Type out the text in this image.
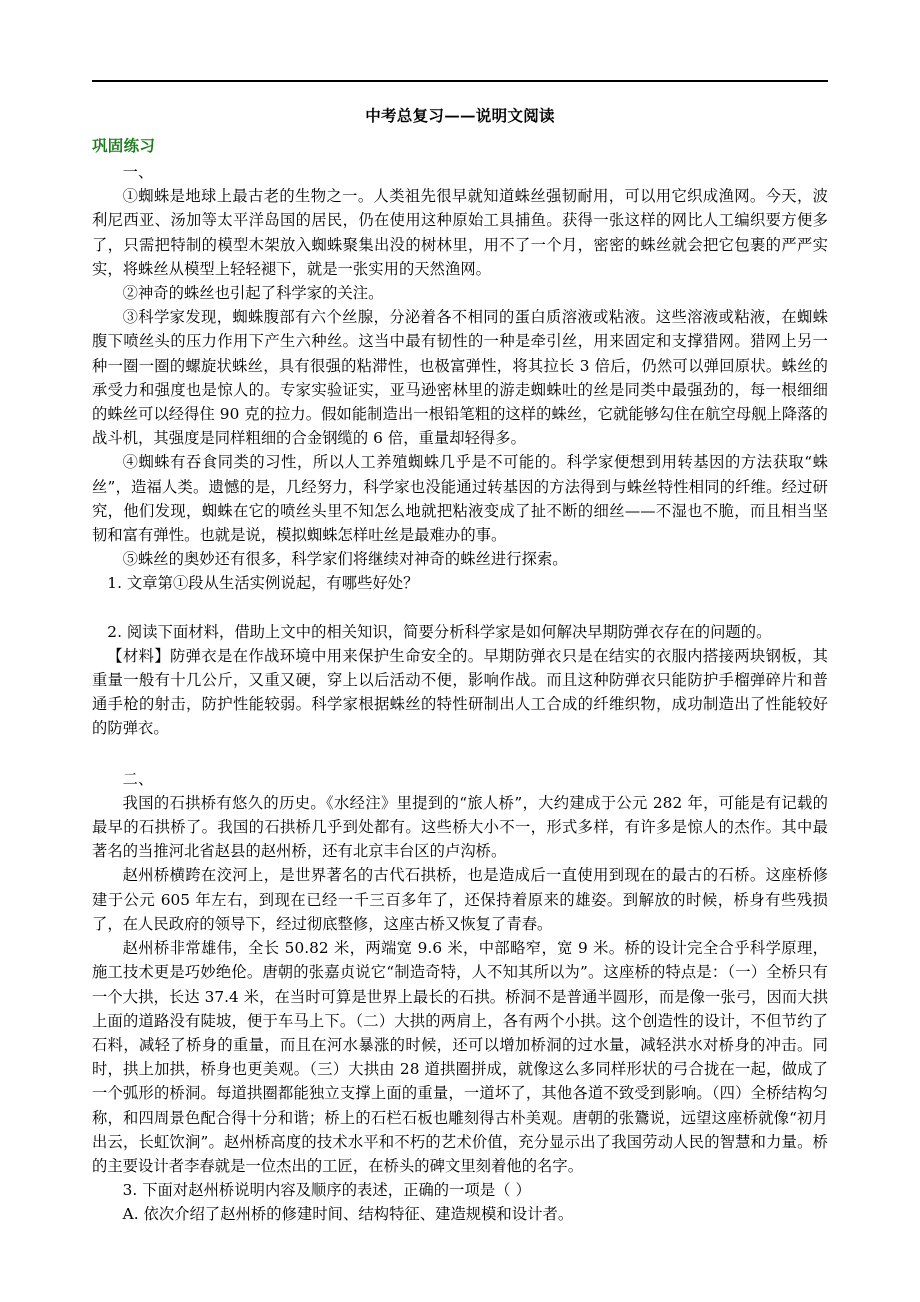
中考总复习——说明文阅读
巩固练习

一、

①蜘蛛是地球上最古老的生物之一。人类祖先很早就知道蛛丝强韧耐用，可以用它织成渔网。今天，波利尼西亚、汤加等太平洋岛国的居民，仍在使用这种原始工具捕鱼。获得一张这样的网比人工编织要方便多了，只需把特制的模型木架放入蜘蛛聚集出没的树林里，用不了一个月，密密的蛛丝就会把它包裹的严严实实，将蛛丝从模型上轻轻褪下，就是一张实用的天然渔网。

②神奇的蛛丝也引起了科学家的关注。

③科学家发现，蜘蛛腹部有六个丝腺，分泌着各不相同的蛋白质溶液或粘液。这些溶液或粘液，在蜘蛛腹下喷丝头的压力作用下产生六种丝。这当中最有韧性的一种是牵引丝，用来固定和支撑猎网。猎网上另一种一圈一圈的螺旋状蛛丝，具有很强的粘滞性，也极富弹性，将其拉长 3 倍后，仍然可以弹回原状。蛛丝的承受力和强度也是惊人的。专家实验证实，亚马逊密林里的游走蜘蛛吐的丝是同类中最强劲的，每一根细细的蛛丝可以经得住 90 克的拉力。假如能制造出一根铅笔粗的这样的蛛丝，它就能够勾住在航空母舰上降落的战斗机，其强度是同样粗细的合金钢缆的 6 倍，重量却轻得多。

④蜘蛛有吞食同类的习性，所以人工养殖蜘蛛几乎是不可能的。科学家便想到用转基因的方法获取“蛛丝”，造福人类。遗憾的是，几经努力，科学家也没能通过转基因的方法得到与蛛丝特性相同的纤维。经过研究，他们发现，蜘蛛在它的喷丝头里不知怎么地就把粘液变成了扯不断的细丝——不湿也不脆，而且相当坚韧和富有弹性。也就是说，模拟蜘蛛怎样吐丝是最难办的事。

⑤蛛丝的奥妙还有很多，科学家们将继续对神奇的蛛丝进行探索。

1. 文章第①段从生活实例说起，有哪些好处？

2. 阅读下面材料，借助上文中的相关知识，简要分析科学家是如何解决早期防弹衣存在的问题的。

【材料】防弹衣是在作战环境中用来保护生命安全的。早期防弹衣只是在结实的衣服内搭接两块钢板，其重量一般有十几公斤，又重又硬，穿上以后活动不便，影响作战。而且这种防弹衣只能防护手榴弹碎片和普通手枪的射击，防护性能较弱。科学家根据蛛丝的特性研制出人工合成的纤维织物，成功制造出了性能较好的防弹衣。

二、

我国的石拱桥有悠久的历史。《水经注》里提到的“旅人桥”，大约建成于公元 282 年，可能是有记载的最早的石拱桥了。我国的石拱桥几乎到处都有。这些桥大小不一，形式多样，有许多是惊人的杰作。其中最著名的当推河北省赵县的赵州桥，还有北京丰台区的卢沟桥。

赵州桥横跨在洨河上，是世界著名的古代石拱桥，也是造成后一直使用到现在的最古的石桥。这座桥修建于公元 605 年左右，到现在已经一千三百多年了，还保持着原来的雄姿。到解放的时候，桥身有些残损了，在人民政府的领导下，经过彻底整修，这座古桥又恢复了青春。

赵州桥非常雄伟，全长 50.82 米，两端宽 9.6 米，中部略窄，宽 9 米。桥的设计完全合乎科学原理，施工技术更是巧妙绝伦。唐朝的张嘉贞说它“制造奇特，人不知其所以为”。这座桥的特点是：（一）全桥只有一个大拱，长达 37.4 米，在当时可算是世界上最长的石拱。桥洞不是普通半圆形，而是像一张弓，因而大拱上面的道路没有陡坡，便于车马上下。（二）大拱的两肩上，各有两个小拱。这个创造性的设计，不但节约了石料，减轻了桥身的重量，而且在河水暴涨的时候，还可以增加桥洞的过水量，减轻洪水对桥身的冲击。同时，拱上加拱，桥身也更美观。（三）大拱由 28 道拱圈拼成，就像这么多同样形状的弓合拢在一起，做成了一个弧形的桥洞。每道拱圈都能独立支撑上面的重量，一道坏了，其他各道不致受到影响。（四）全桥结构匀称，和四周景色配合得十分和谐；桥上的石栏石板也雕刻得古朴美观。唐朝的张鷟说，远望这座桥就像“初月出云，长虹饮涧”。赵州桥高度的技术水平和不朽的艺术价值，充分显示出了我国劳动人民的智慧和力量。桥的主要设计者李春就是一位杰出的工匠，在桥头的碑文里刻着他的名字。

3. 下面对赵州桥说明内容及顺序的表述，正确的一项是（ ）

A. 依次介绍了赵州桥的修建时间、结构特征、建造规模和设计者。
